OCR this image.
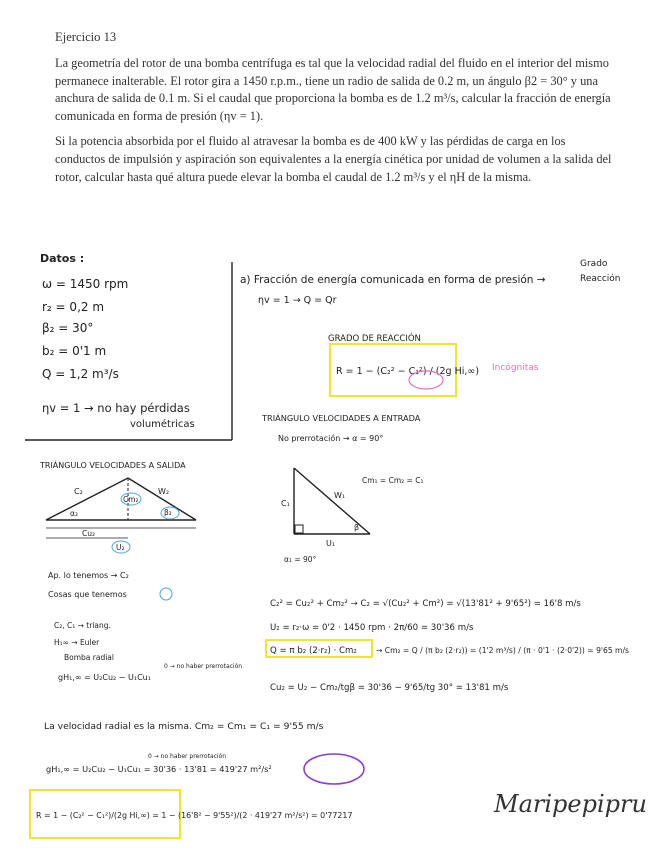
Ejercicio 13

La geometría del rotor de una bomba centrífuga es tal que la velocidad radial del fluido en el interior del mismo permanece inalterable. El rotor gira a 1450 r.p.m., tiene un radio de salida de 0.2 m, un ángulo β2 = 30° y una anchura de salida de 0.1 m. Si el caudal que proporciona la bomba es de 1.2 m³/s, calcular la fracción de energía comunicada en forma de presión (ηv = 1).

Si la potencia absorbida por el fluido al atravesar la bomba es de 400 kW y las pérdidas de carga en los conductos de impulsión y aspiración son equivalentes a la energía cinética por unidad de volumen a la salida del rotor, calcular hasta qué altura puede elevar la bomba el caudal de 1.2 m³/s y el ηH de la misma.

Datos :
ω = 1450 rpm
r₂ = 0,2 m
β₂ = 30°
b₂ = 0'1 m
Q = 1,2 m³/s
ηv = 1 → no hay pérdidas
volumétricas
a) Fracción de energía comunicada en forma de presión →
Grado
Reacción
ηv = 1 → Q = Qr
GRADO DE REACCIÓN
R = 1 − (C₂² − C₁²) / (2g Hi,∞) Incógnitas
TRIÁNGULO VELOCIDADES A ENTRADA
No prerrotación → α = 90°
C₁
W₁
U₁
β
Cm₁ = Cm₂ = C₁
α₁ = 90°
TRIÁNGULO VELOCIDADES A SALIDA
C₂	W₂
Cm₂
α₂	β₂
Cu₂
U₂
Ap. lo tenemos → C₂
Cosas que tenemos
C₂, C₁ → triang.
H₁∞ → Euler
Bomba radial
gH₁,∞ = U₂Cu₂ − U₁Cu₁
0 → no haber prerrotación
C₂² = Cu₂² + Cm₂² → C₂ = √(Cu₂² + Cm²) = √(13'81² + 9'65²) = 16'8 m/s
U₂ = r₂·ω = 0'2 · 1450 rpm · 2π/60 = 30'36 m/s
Q = π b₂ (2·r₂) · Cm₂	→ Cm₂ = Q / (π b₂ (2·r₂)) = (1'2 m³/s) / (π · 0'1 · (2·0'2)) = 9'65 m/s
Cu₂ = U₂ − Cm₂/tgβ = 30'36 − 9'65/tg 30° = 13'81 m/s
La velocidad radial es la misma. Cm₂ = Cm₁ = C₁ = 9'55 m/s
gH₁,∞ = U₂Cu₂ − U₁Cu₁ = 30'36 · 13'81 = 419'27 m²/s²
0 → no haber prerrotación
R = 1 − (C₂² − C₁²)/(2g Hi,∞) = 1 − (16'8² − 9'55²)/(2 · 419'27 m²/s²) = 0'77217	Maripepipru
